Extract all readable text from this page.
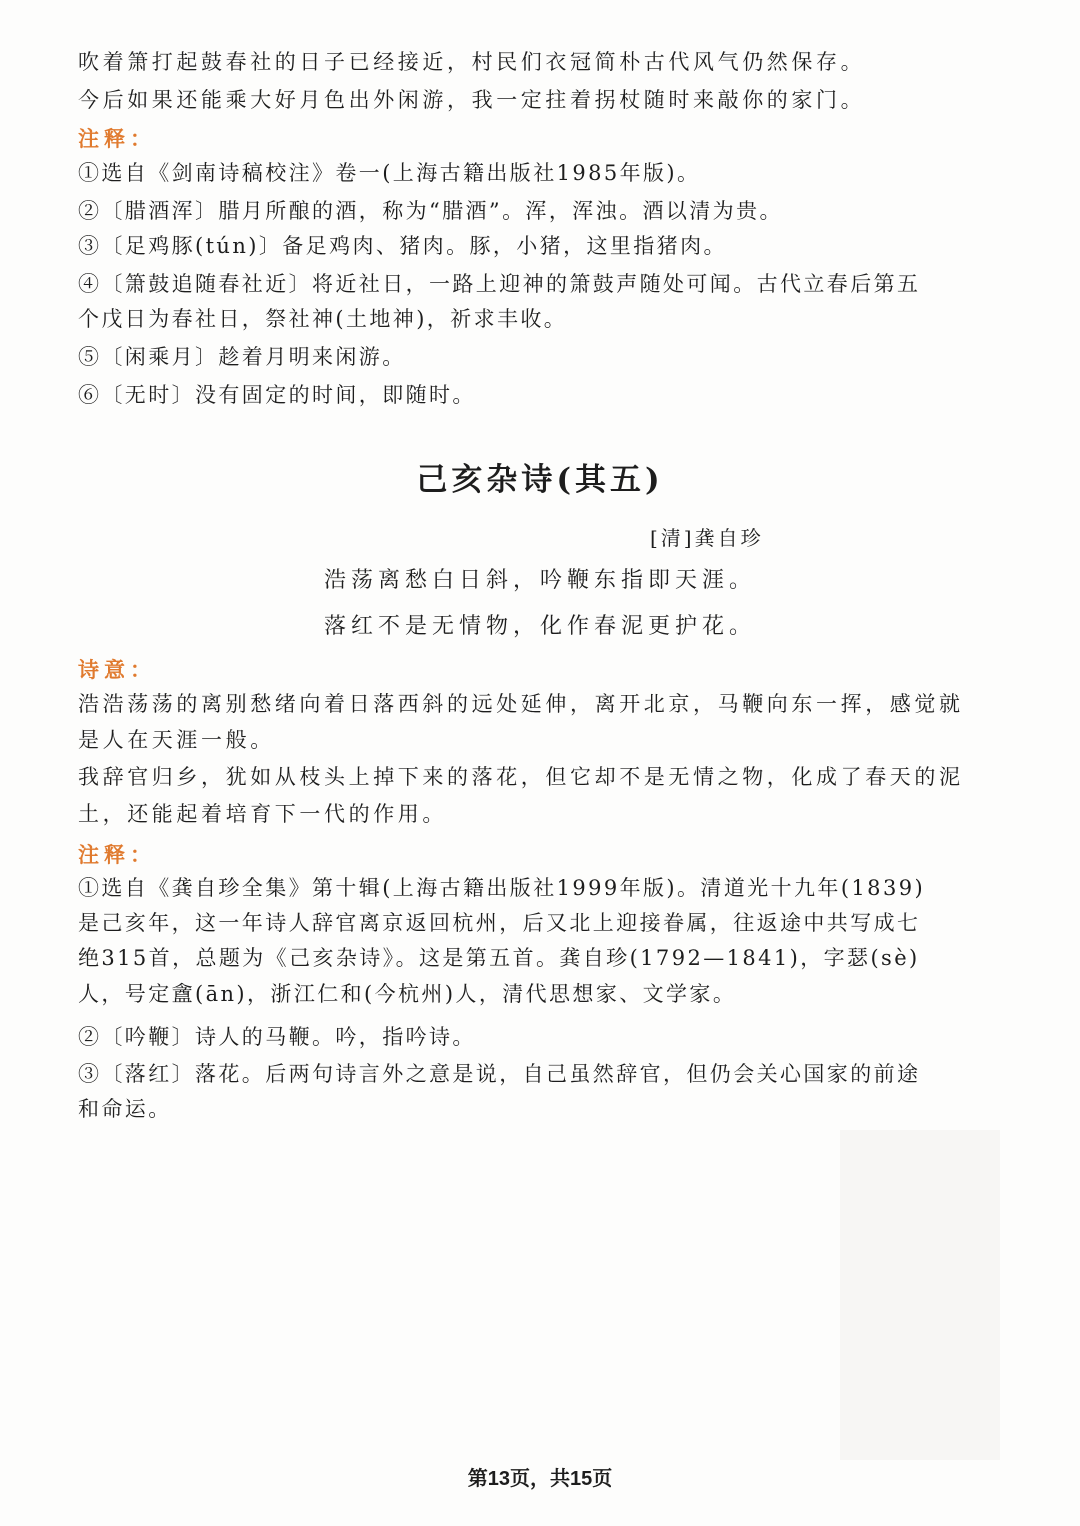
吹着箫打起鼓春社的日子已经接近，村民们衣冠简朴古代风气仍然保存。
今后如果还能乘大好月色出外闲游，我一定拄着拐杖随时来敲你的家门。
注释：
①选自《剑南诗稿校注》卷一(上海古籍出版社1985年版)。
②〔腊酒浑〕腊月所酿的酒，称为“腊酒”。浑，浑浊。酒以清为贵。
③〔足鸡豚(tún)〕备足鸡肉、猪肉。豚，小猪，这里指猪肉。
④〔箫鼓追随春社近〕将近社日，一路上迎神的箫鼓声随处可闻。古代立春后第五
个戊日为春社日，祭社神(土地神)，祈求丰收。
⑤〔闲乘月〕趁着月明来闲游。
⑥〔无时〕没有固定的时间，即随时。
己亥杂诗(其五)
[清]龚自珍
浩荡离愁白日斜，吟鞭东指即天涯。
落红不是无情物，化作春泥更护花。
诗意：
浩浩荡荡的离别愁绪向着日落西斜的远处延伸，离开北京，马鞭向东一挥，感觉就
是人在天涯一般。
我辞官归乡，犹如从枝头上掉下来的落花，但它却不是无情之物，化成了春天的泥
土，还能起着培育下一代的作用。
注释：
①选自《龚自珍全集》第十辑(上海古籍出版社1999年版)。清道光十九年(1839)
是己亥年，这一年诗人辞官离京返回杭州，后又北上迎接眷属，往返途中共写成七
绝315首，总题为《己亥杂诗》。这是第五首。龚自珍(1792—1841)，字瑟(sè)
人，号定盦(ān)，浙江仁和(今杭州)人，清代思想家、文学家。
②〔吟鞭〕诗人的马鞭。吟，指吟诗。
③〔落红〕落花。后两句诗言外之意是说，自己虽然辞官，但仍会关心国家的前途
和命运。
第13页，共15页
